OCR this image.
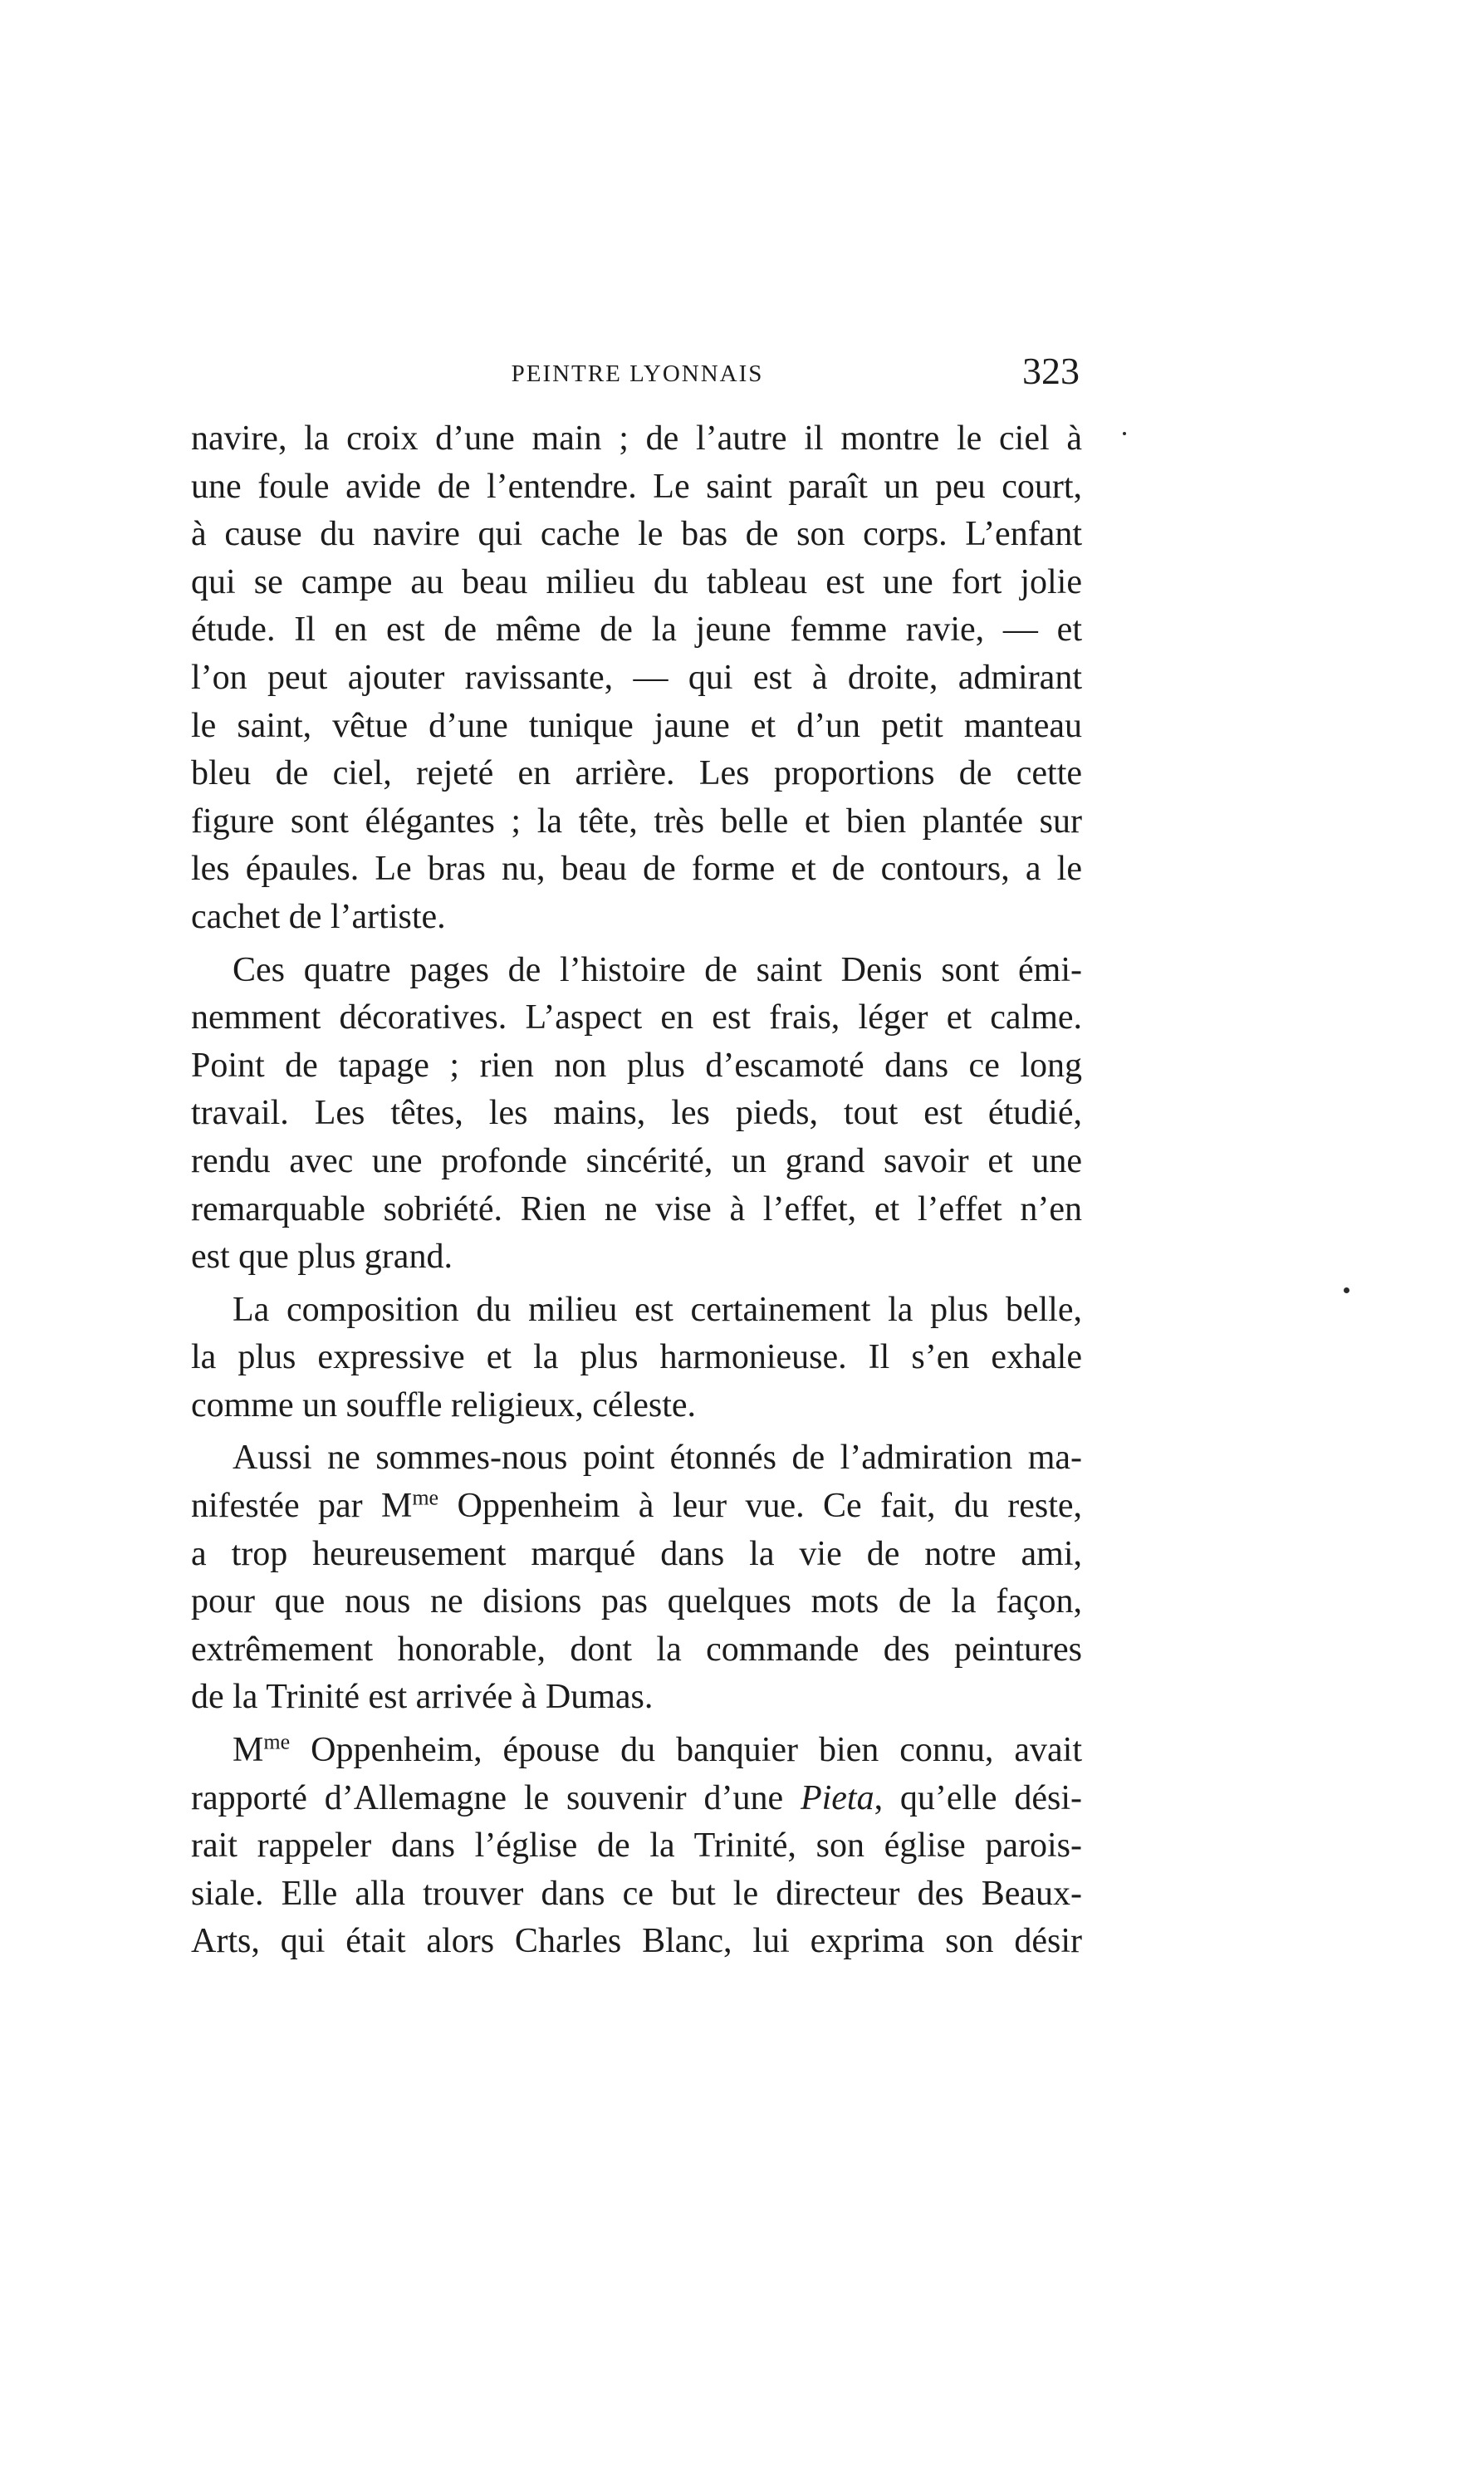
PEINTRE LYONNAIS	323
navire, la croix d’une main ; de l’autre il montre le ciel à
une foule avide de l’entendre. Le saint paraît un peu court,
à cause du navire qui cache le bas de son corps. L’enfant
qui se campe au beau milieu du tableau est une fort jolie
étude. Il en est de même de la jeune femme ravie, — et
l’on peut ajouter ravissante, — qui est à droite, admirant
le saint, vêtue d’une tunique jaune et d’un petit manteau
bleu de ciel, rejeté en arrière. Les proportions de cette
figure sont élégantes ; la tête, très belle et bien plantée sur
les épaules. Le bras nu, beau de forme et de contours, a le
cachet de l’artiste.
Ces quatre pages de l’histoire de saint Denis sont émi-
nemment décoratives. L’aspect en est frais, léger et calme.
Point de tapage ; rien non plus d’escamoté dans ce long
travail. Les têtes, les mains, les pieds, tout est étudié,
rendu avec une profonde sincérité, un grand savoir et une
remarquable sobriété. Rien ne vise à l’effet, et l’effet n’en
est que plus grand.
La composition du milieu est certainement la plus belle,
la plus expressive et la plus harmonieuse. Il s’en exhale
comme un souffle religieux, céleste.
Aussi ne sommes-nous point étonnés de l’admiration ma-
nifestée par $M^{me}$ Oppenheim à leur vue. Ce fait, du reste,
a trop heureusement marqué dans la vie de notre ami,
pour que nous ne disions pas quelques mots de la façon,
extrêmement honorable, dont la commande des peintures
de la Trinité est arrivée à Dumas.
$M^{me}$ Oppenheim, épouse du banquier bien connu, avait
rapporté d’Allemagne le souvenir d’une Pieta, qu’elle dési-
rait rappeler dans l’église de la Trinité, son église parois-
siale. Elle alla trouver dans ce but le directeur des Beaux-
Arts, qui était alors Charles Blanc, lui exprima son désir
